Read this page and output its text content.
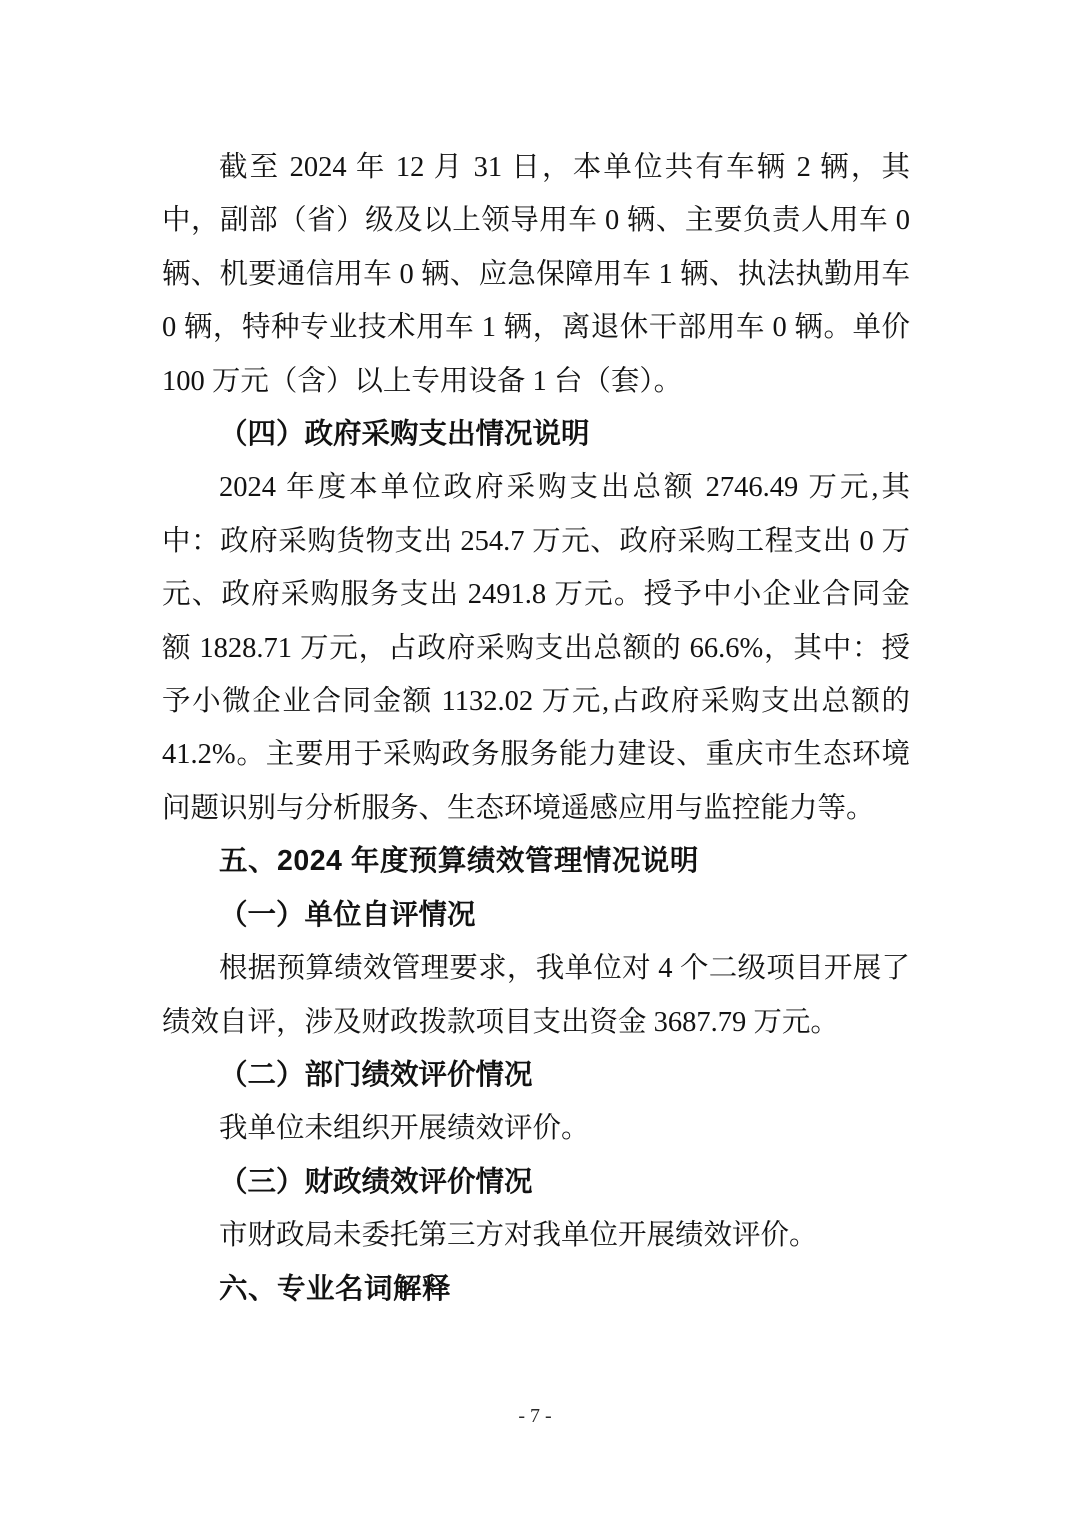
截至 2024 年 12 月 31 日，本单位共有车辆 2 辆，其中，副部（省）级及以上领导用车 0 辆、主要负责人用车 0 辆、机要通信用车 0 辆、应急保障用车 1 辆、执法执勤用车 0 辆，特种专业技术用车 1 辆，离退休干部用车 0 辆。单价 100 万元（含）以上专用设备 1 台（套）。

（四）政府采购支出情况说明

2024 年度本单位政府采购支出总额 2746.49 万元,其中：政府采购货物支出 254.7 万元、政府采购工程支出 0 万元、政府采购服务支出 2491.8 万元。授予中小企业合同金额 1828.71 万元，占政府采购支出总额的 66.6%，其中：授予小微企业合同金额 1132.02 万元,占政府采购支出总额的 41.2%。主要用于采购政务服务能力建设、重庆市生态环境问题识别与分析服务、生态环境遥感应用与监控能力等。

五、2024 年度预算绩效管理情况说明

（一）单位自评情况

根据预算绩效管理要求，我单位对 4 个二级项目开展了绩效自评，涉及财政拨款项目支出资金 3687.79 万元。

（二）部门绩效评价情况

我单位未组织开展绩效评价。

（三）财政绩效评价情况

市财政局未委托第三方对我单位开展绩效评价。

六、专业名词解释

- 7 -
